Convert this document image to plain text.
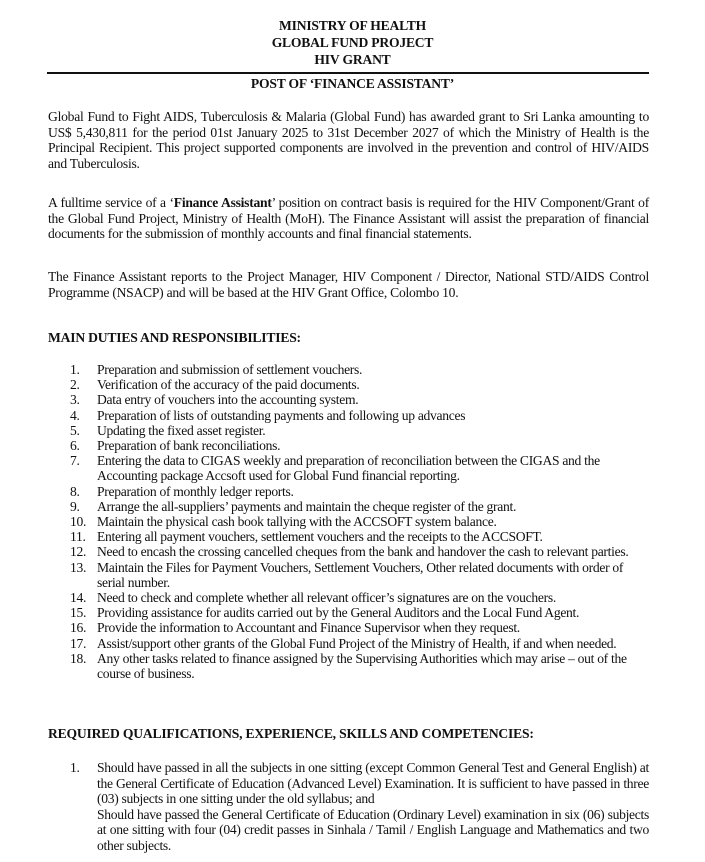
MINISTRY OF HEALTH
GLOBAL FUND PROJECT
HIV GRANT
POST OF ‘FINANCE ASSISTANT’
Global Fund to Fight AIDS, Tuberculosis & Malaria (Global Fund) has awarded grant to Sri Lanka amounting to US$ 5,430,811 for the period 01st January 2025 to 31st December 2027 of which the Ministry of Health is the Principal Recipient. This project supported components are involved in the prevention and control of HIV/AIDS and Tuberculosis.
A fulltime service of a ‘Finance Assistant’ position on contract basis is required for the HIV Component/Grant of the Global Fund Project, Ministry of Health (MoH). The Finance Assistant will assist the preparation of financial documents for the submission of monthly accounts and final financial statements.
The Finance Assistant reports to the Project Manager, HIV Component / Director, National STD/AIDS Control Programme (NSACP) and will be based at the HIV Grant Office, Colombo 10.
MAIN DUTIES AND RESPONSIBILITIES:
1.	Preparation and submission of settlement vouchers.
2.	Verification of the accuracy of the paid documents.
3.	Data entry of vouchers into the accounting system.
4.	Preparation of lists of outstanding payments and following up advances
5.	Updating the fixed asset register.
6.	Preparation of bank reconciliations.
7.	Entering the data to CIGAS weekly and preparation of reconciliation between the CIGAS and the Accounting package Accsoft used for Global Fund financial reporting.
8.	Preparation of monthly ledger reports.
9.	Arrange the all-suppliers’ payments and maintain the cheque register of the grant.
10. Maintain the physical cash book tallying with the ACCSOFT system balance.
11. Entering all payment vouchers, settlement vouchers and the receipts to the ACCSOFT.
12. Need to encash the crossing cancelled cheques from the bank and handover the cash to relevant parties.
13. Maintain the Files for Payment Vouchers, Settlement Vouchers, Other related documents with order of serial number.
14. Need to check and complete whether all relevant officer’s signatures are on the vouchers.
15. Providing assistance for audits carried out by the General Auditors and the Local Fund Agent.
16. Provide the information to Accountant and Finance Supervisor when they request.
17. Assist/support other grants of the Global Fund Project of the Ministry of Health, if and when needed.
18. Any other tasks related to finance assigned by the Supervising Authorities which may arise – out of the course of business.
REQUIRED QUALIFICATIONS, EXPERIENCE, SKILLS AND COMPETENCIES:
1.	Should have passed in all the subjects in one sitting (except Common General Test and General English) at the General Certificate of Education (Advanced Level) Examination. It is sufficient to have passed in three (03) subjects in one sitting under the old syllabus; and
Should have passed the General Certificate of Education (Ordinary Level) examination in six (06) subjects at one sitting with four (04) credit passes in Sinhala / Tamil / English Language and Mathematics and two other subjects.
